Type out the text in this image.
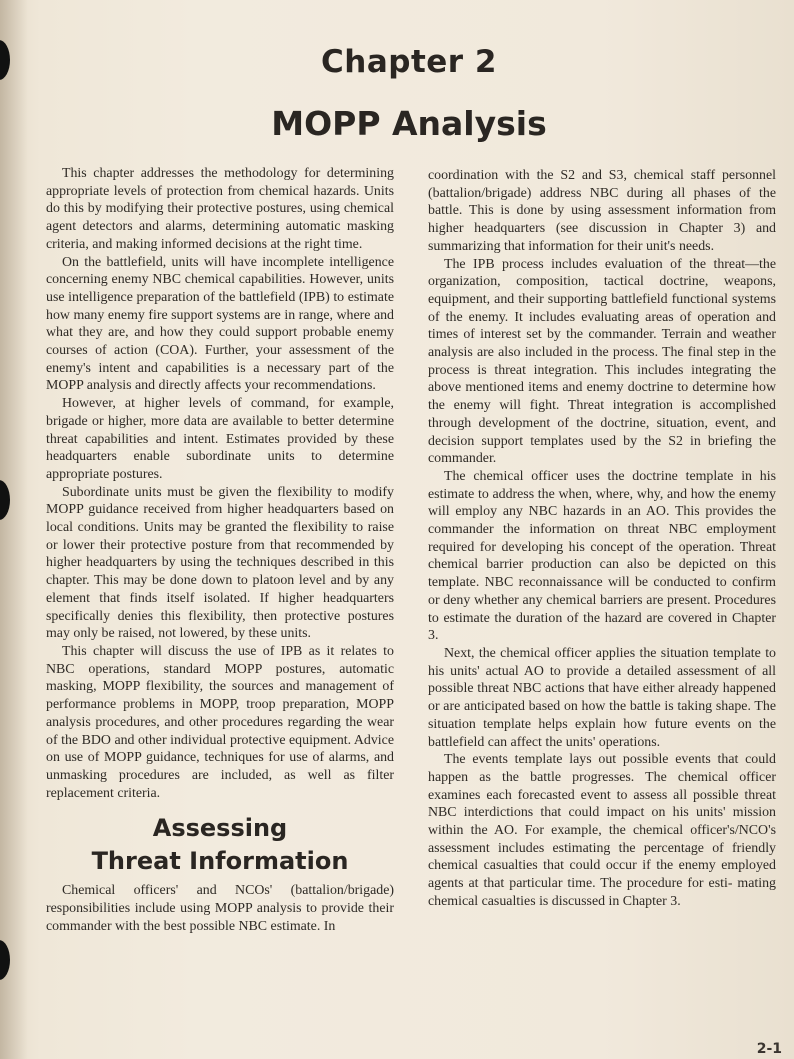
Chapter 2
MOPP Analysis

This chapter addresses the methodology for determining appropriate levels of protection from chemical hazards. Units do this by modifying their protective postures, using chemical agent detectors and alarms, determining automatic masking criteria, and making informed decisions at the right time.

On the battlefield, units will have incomplete intelligence concerning enemy NBC chemical capabilities. However, units use intelligence preparation of the battlefield (IPB) to estimate how many enemy fire support systems are in range, where and what they are, and how they could support probable enemy courses of action (COA). Further, your assessment of the enemy's intent and capabilities is a necessary part of the MOPP analysis and directly affects your recommendations.

However, at higher levels of command, for example, brigade or higher, more data are available to better determine threat capabilities and intent. Estimates provided by these headquarters enable subordinate units to determine appropriate postures.

Subordinate units must be given the flexibility to modify MOPP guidance received from higher headquarters based on local conditions. Units may be granted the flexibility to raise or lower their protective posture from that recommended by higher headquarters by using the techniques described in this chapter. This may be done down to platoon level and by any element that finds itself isolated. If higher headquarters specifically denies this flexibility, then protective postures may only be raised, not lowered, by these units.

This chapter will discuss the use of IPB as it relates to NBC operations, standard MOPP postures, automatic masking, MOPP flexibility, the sources and management of performance problems in MOPP, troop preparation, MOPP analysis procedures, and other procedures regarding the wear of the BDO and other individual protective equipment. Advice on use of MOPP guidance, techniques for use of alarms, and unmasking procedures are included, as well as filter replacement criteria.

Assessing
Threat Information

Chemical officers' and NCOs' (battalion/brigade) responsibilities include using MOPP analysis to provide their commander with the best possible NBC estimate. In

coordination with the S2 and S3, chemical staff personnel (battalion/brigade) address NBC during all phases of the battle. This is done by using assessment information from higher headquarters (see discussion in Chapter 3) and summarizing that information for their unit's needs.

The IPB process includes evaluation of the threat—the organization, composition, tactical doctrine, weapons, equipment, and their supporting battlefield functional systems of the enemy. It includes evaluating areas of operation and times of interest set by the commander. Terrain and weather analysis are also included in the process. The final step in the process is threat integration. This includes integrating the above mentioned items and enemy doctrine to determine how the enemy will fight. Threat integration is accomplished through development of the doctrine, situation, event, and decision support templates used by the S2 in briefing the commander.

The chemical officer uses the doctrine template in his estimate to address the when, where, why, and how the enemy will employ any NBC hazards in an AO. This provides the commander the information on threat NBC employment required for developing his concept of the operation. Threat chemical barrier production can also be depicted on this template. NBC reconnaissance will be conducted to confirm or deny whether any chemical barriers are present. Procedures to estimate the duration of the hazard are covered in Chapter 3.

Next, the chemical officer applies the situation template to his units' actual AO to provide a detailed assessment of all possible threat NBC actions that have either already happened or are anticipated based on how the battle is taking shape. The situation template helps explain how future events on the battlefield can affect the units' operations.

The events template lays out possible events that could happen as the battle progresses. The chemical officer examines each forecasted event to assess all possible threat NBC interdictions that could impact on his units' mission within the AO. For example, the chemical officer's/NCO's assessment includes estimating the percentage of friendly chemical casualties that could occur if the enemy employed agents at that particular time. The procedure for esti- mating chemical casualties is discussed in Chapter 3.

2-1
